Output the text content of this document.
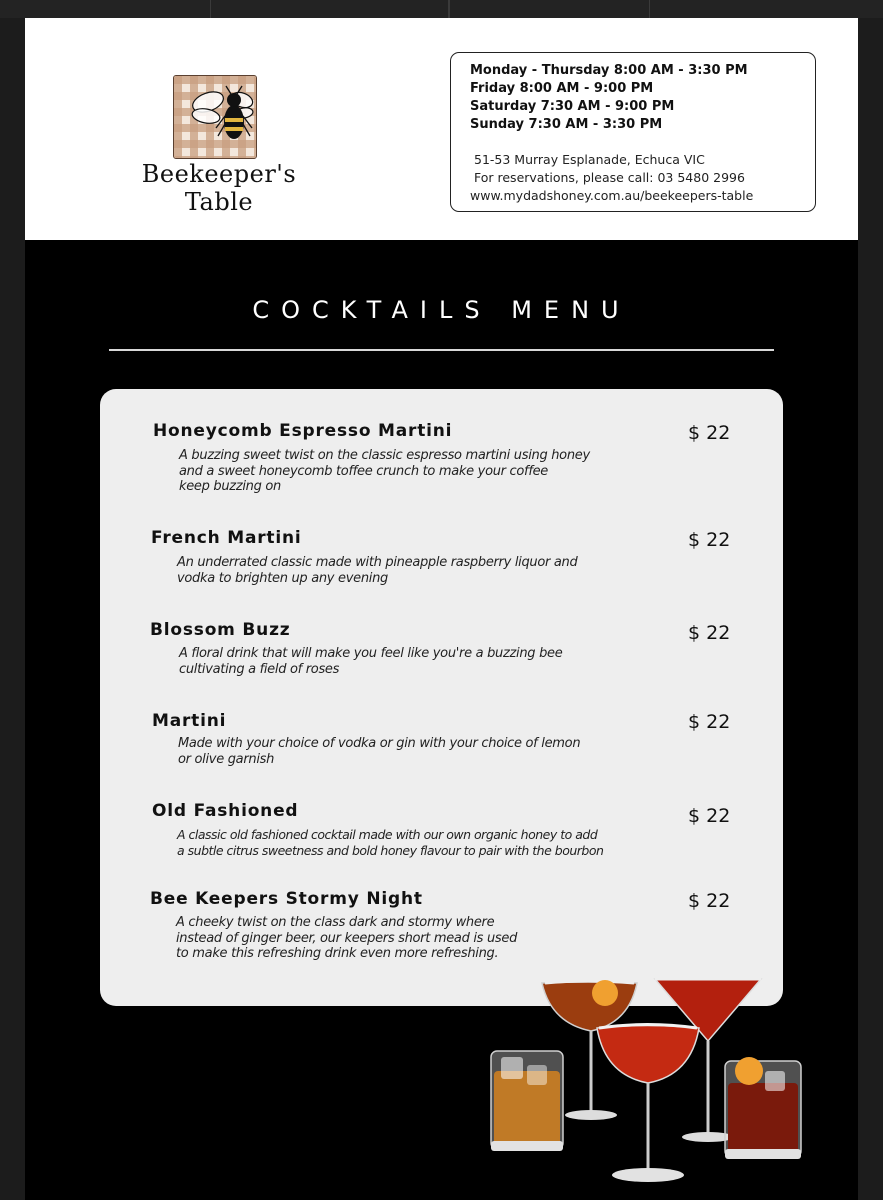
Beekeeper's Table
Monday - Thursday 8:00 AM - 3:30 PM
Friday 8:00 AM - 9:00 PM
Saturday 7:30 AM - 9:00 PM
Sunday 7:30 AM - 3:30 PM
51-53 Murray Esplanade, Echuca VIC
For reservations, please call: 03 5480 2996
www.mydadshoney.com.au/beekeepers-table
COCKTAILS MENU
Honeycomb Espresso Martini	$ 22
A buzzing sweet twist on the classic espresso martini using honey
and a sweet honeycomb toffee crunch to make your coffee
keep buzzing on
French Martini	$ 22
An underrated classic made with pineapple raspberry liquor and
vodka to brighten up any evening
Blossom Buzz	$ 22
A floral drink that will make you feel like you're a buzzing bee
cultivating a field of roses
Martini	$ 22
Made with your choice of vodka or gin with your choice of lemon
or olive garnish
Old Fashioned	$ 22
A classic old fashioned cocktail made with our own organic honey to add
a subtle citrus sweetness and bold honey flavour to pair with the bourbon
Bee Keepers Stormy Night	$ 22
A cheeky twist on the class dark and stormy where
instead of ginger beer, our keepers short mead is used
to make this refreshing drink even more refreshing.
